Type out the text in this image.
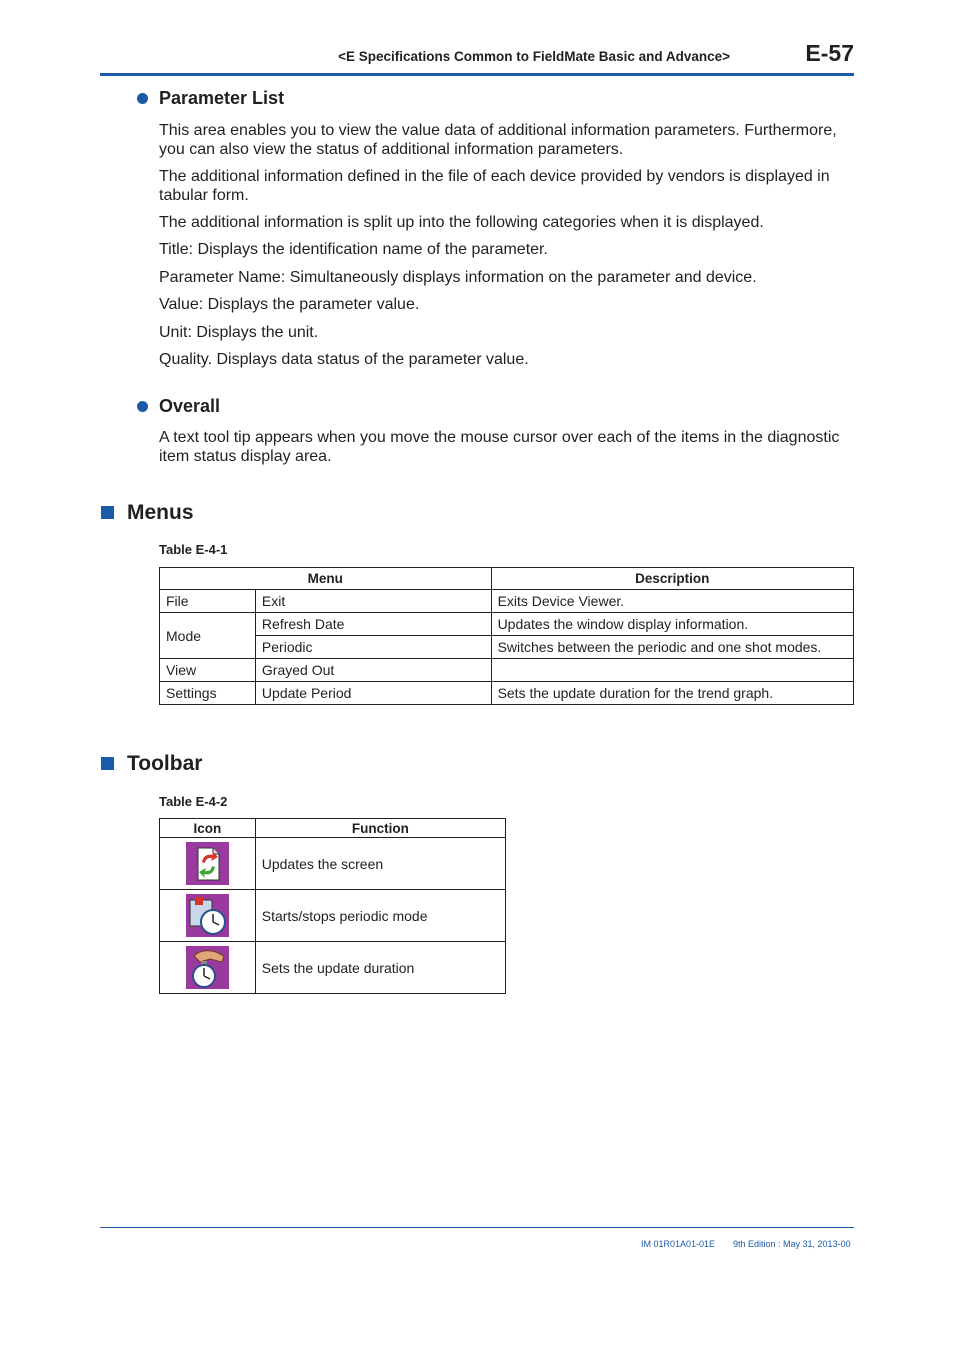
<E Specifications Common to FieldMate Basic and Advance>	E-57
Parameter List
This area enables you to view the value data of additional information parameters. Furthermore, you can also view the status of additional information parameters.
The additional information defined in the file of each device provided by vendors is displayed in tabular form.
The additional information is split up into the following categories when it is displayed.
Title: Displays the identification name of the parameter.
Parameter Name: Simultaneously displays information on the parameter and device.
Value: Displays the parameter value.
Unit: Displays the unit.
Quality. Displays data status of the parameter value.
Overall
A text tool tip appears when you move the mouse cursor over each of the items in the diagnostic item status display area.
Menus
Table E-4-1
Menu		Description
File	Exit	Exits Device Viewer.
Mode	Refresh Date	Updates the window display information.
	Periodic	Switches between the periodic and one shot modes.
View	Grayed Out	
Settings	Update Period	Sets the update duration for the trend graph.
Toolbar
Table E-4-2
Icon	Function
	Updates the screen
	Starts/stops periodic mode
	Sets the update duration
IM 01R01A01-01E 9th Edition : May 31, 2013-00
